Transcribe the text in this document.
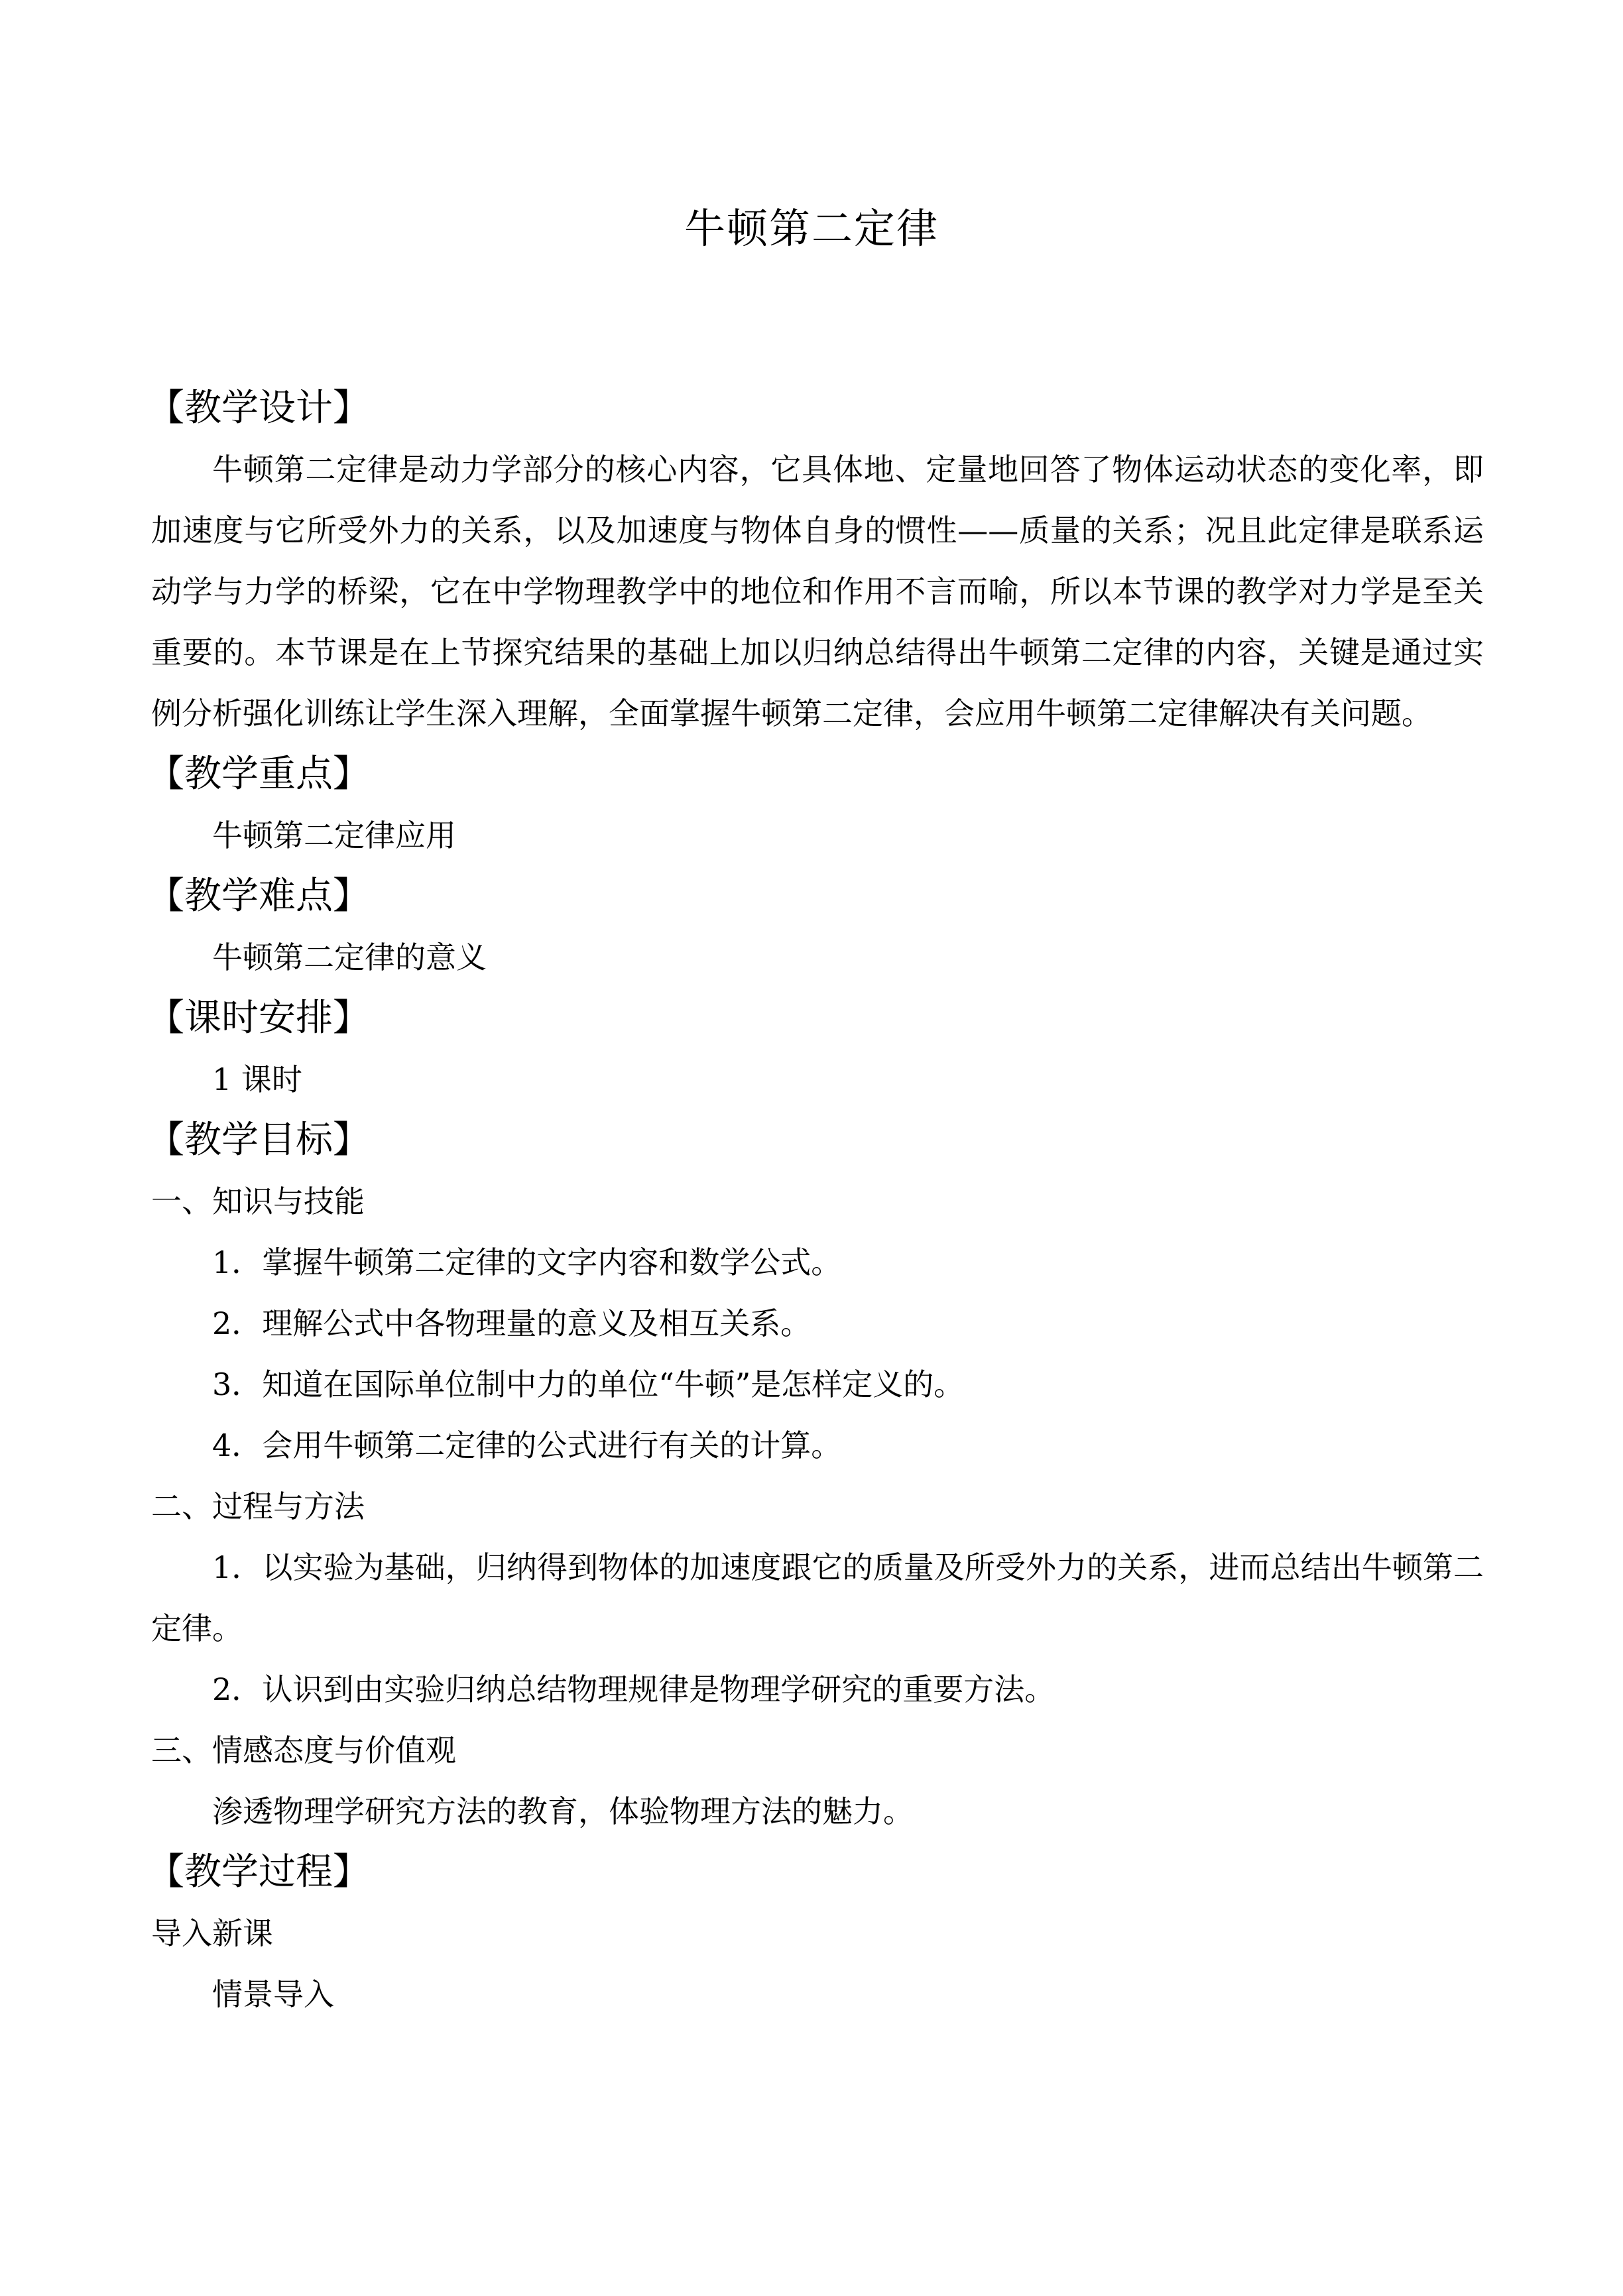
牛顿第二定律
【教学设计】

牛顿第二定律是动力学部分的核心内容，它具体地、定量地回答了物体运动状态的变化率，即加速度与它所受外力的关系，以及加速度与物体自身的惯性——质量的关系；况且此定律是联系运动学与力学的桥梁，它在中学物理教学中的地位和作用不言而喻，所以本节课的教学对力学是至关重要的。本节课是在上节探究结果的基础上加以归纳总结得出牛顿第二定律的内容，关键是通过实例分析强化训练让学生深入理解，全面掌握牛顿第二定律，会应用牛顿第二定律解决有关问题。

【教学重点】
牛顿第二定律应用
【教学难点】
牛顿第二定律的意义
【课时安排】
1 课时
【教学目标】
一、知识与技能
1．掌握牛顿第二定律的文字内容和数学公式。
2．理解公式中各物理量的意义及相互关系。
3．知道在国际单位制中力的单位“牛顿”是怎样定义的。
4．会用牛顿第二定律的公式进行有关的计算。
二、过程与方法
1．以实验为基础，归纳得到物体的加速度跟它的质量及所受外力的关系，进而总结出牛顿第二定律。
2．认识到由实验归纳总结物理规律是物理学研究的重要方法。
三、情感态度与价值观
渗透物理学研究方法的教育，体验物理方法的魅力。
【教学过程】
导入新课
情景导入
